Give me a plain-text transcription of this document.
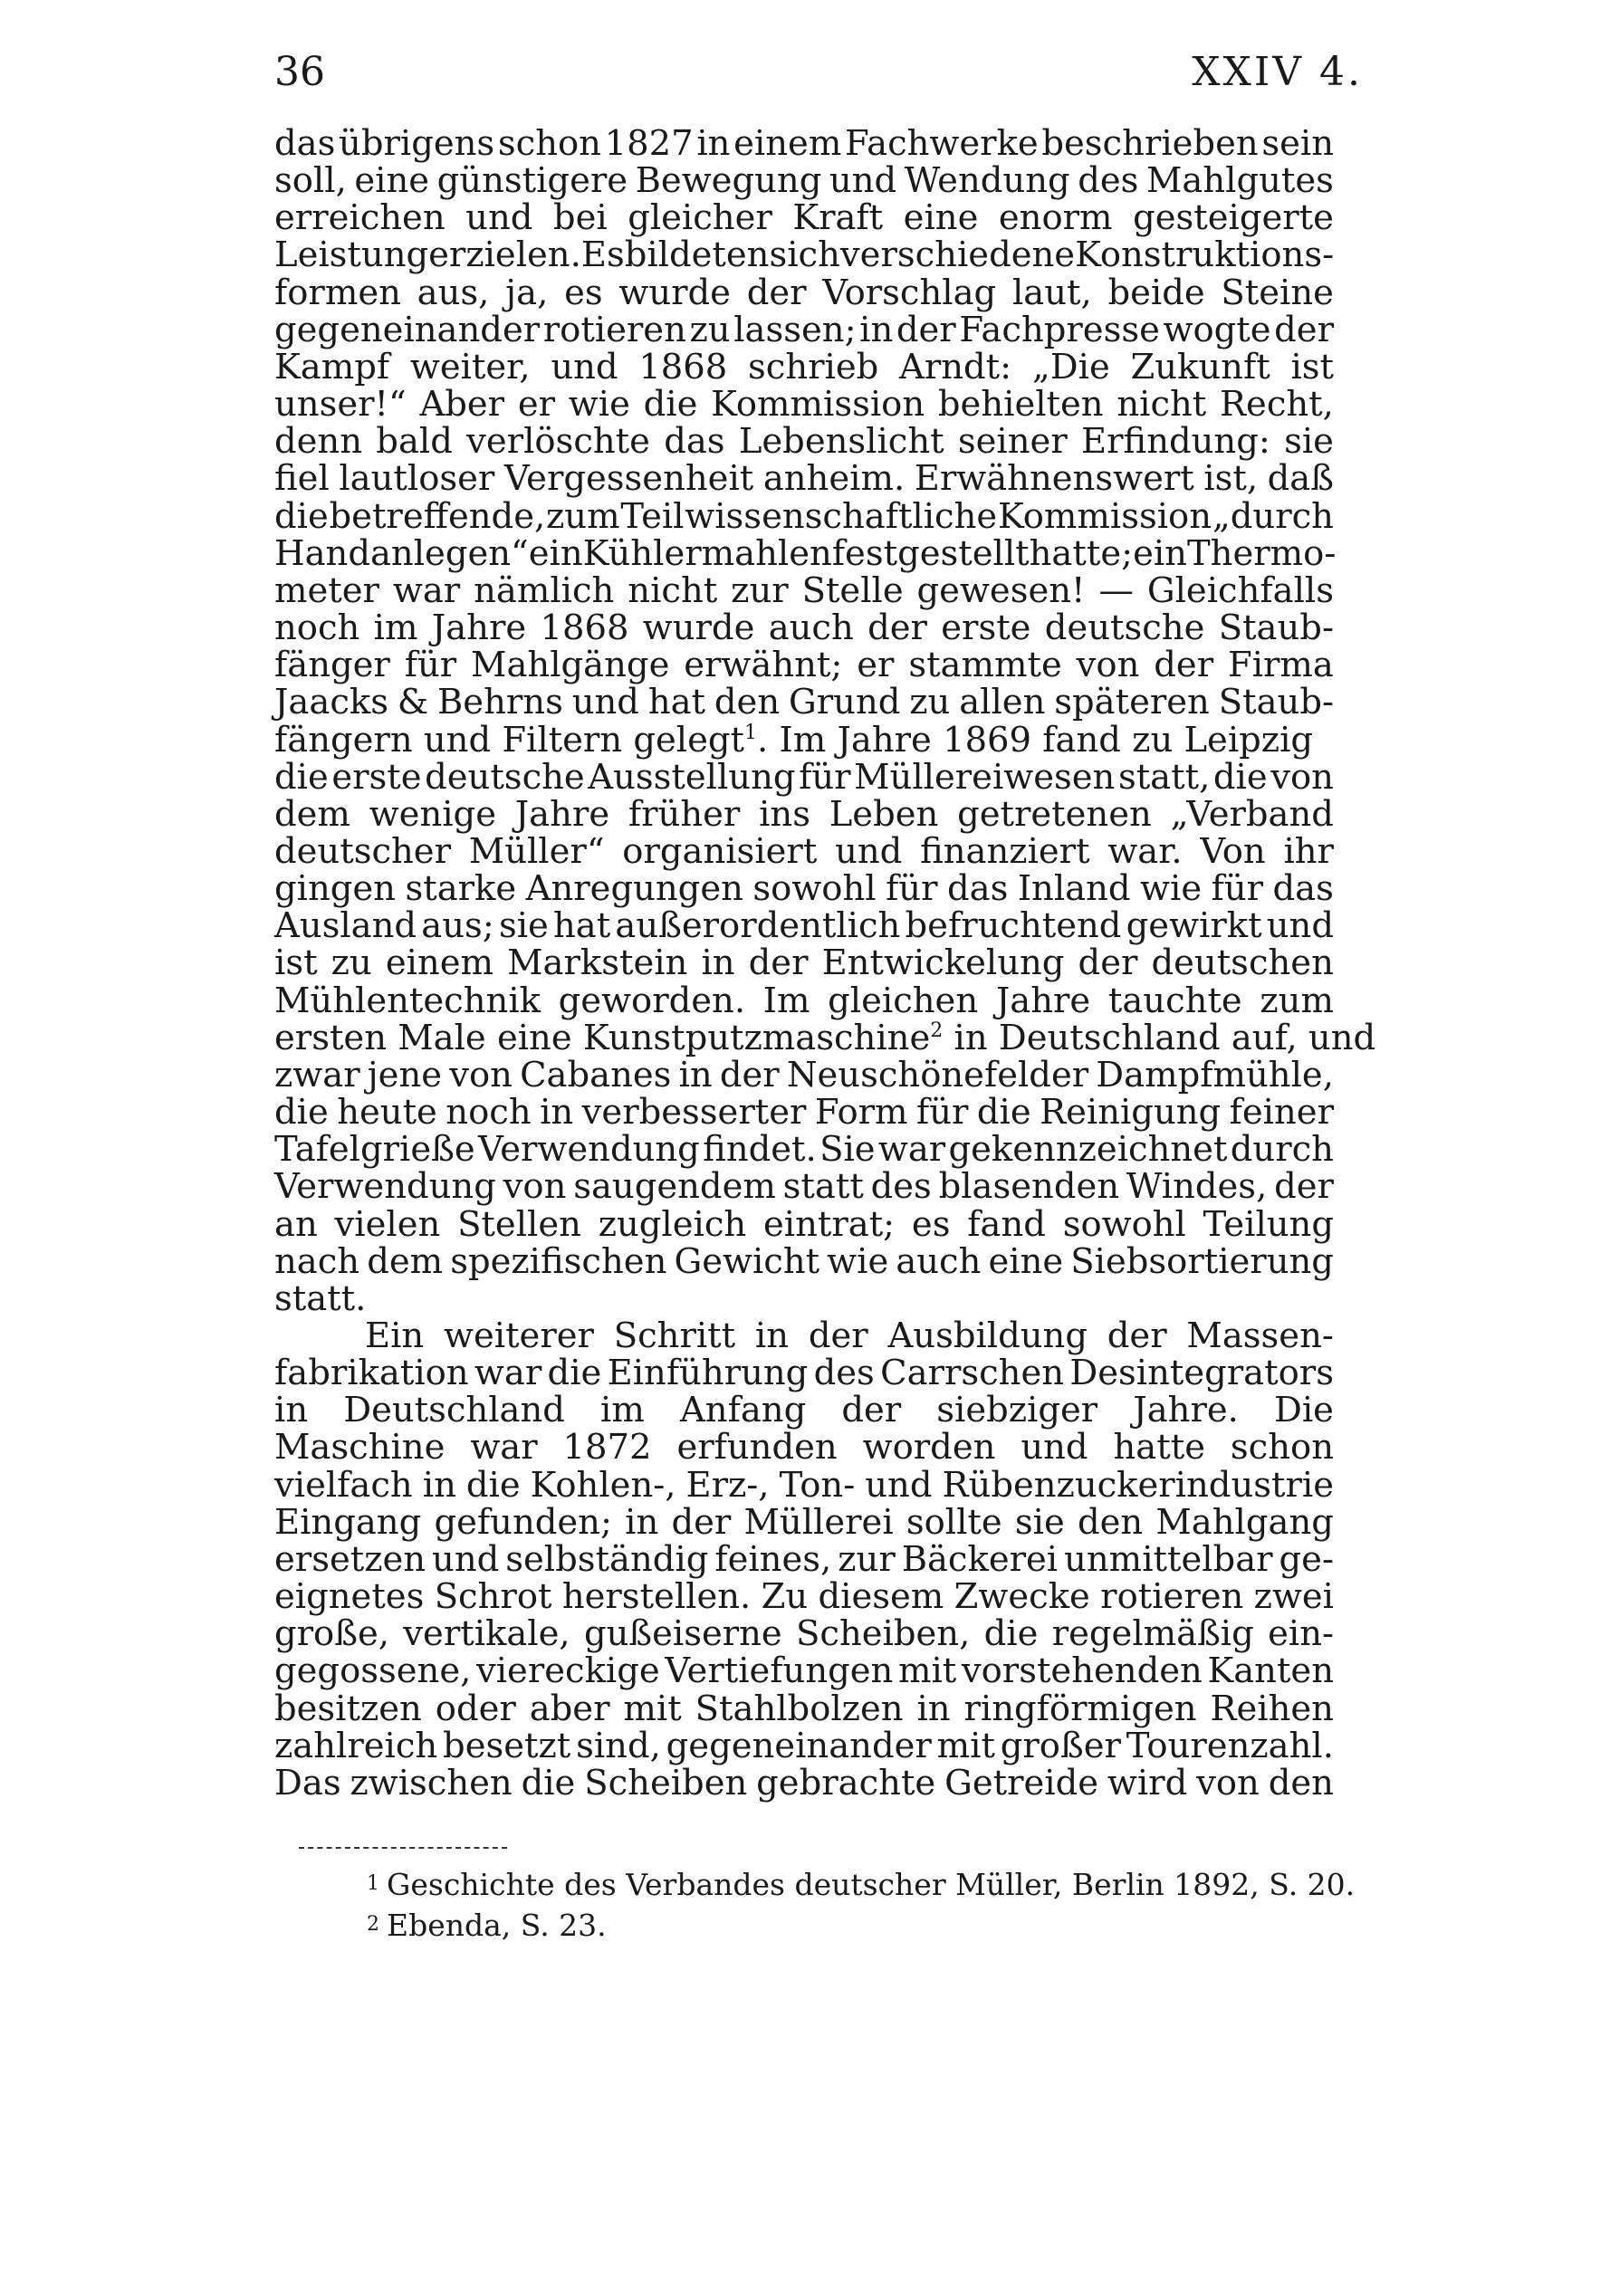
36	XXIV 4.
das übrigens schon 1827 in einem Fachwerke beschrieben sein
soll, eine günstigere Bewegung und Wendung des Mahlgutes
erreichen und bei gleicher Kraft eine enorm gesteigerte
Leistung erzielen. Es bildeten sich verschiedene Konstruktions-
formen aus, ja, es wurde der Vorschlag laut, beide Steine
gegeneinander rotieren zu lassen; in der Fachpresse wogte der
Kampf weiter, und 1868 schrieb Arndt: „Die Zukunft ist
unser!“ Aber er wie die Kommission behielten nicht Recht,
denn bald verlöschte das Lebenslicht seiner Erfindung: sie
fiel lautloser Vergessenheit anheim. Erwähnenswert ist, daß
die betreffende, zum Teil wissenschaftliche Kommission „durch
Handanlegen“ ein Kühlermahlen festgestellt hatte; ein Thermo-
meter war nämlich nicht zur Stelle gewesen! — Gleichfalls
noch im Jahre 1868 wurde auch der erste deutsche Staub-
fänger für Mahlgänge erwähnt; er stammte von der Firma
Jaacks & Behrns und hat den Grund zu allen späteren Staub-
fängern und Filtern gelegt$^1$. Im Jahre 1869 fand zu Leipzig
die erste deutsche Ausstellung für Müllereiwesen statt, die von
dem wenige Jahre früher ins Leben getretenen „Verband
deutscher Müller“ organisiert und finanziert war. Von ihr
gingen starke Anregungen sowohl für das Inland wie für das
Ausland aus; sie hat außerordentlich befruchtend gewirkt und
ist zu einem Markstein in der Entwickelung der deutschen
Mühlentechnik geworden. Im gleichen Jahre tauchte zum
ersten Male eine Kunstputzmaschine$^2$ in Deutschland auf, und
zwar jene von Cabanes in der Neuschönefelder Dampfmühle,
die heute noch in verbesserter Form für die Reinigung feiner
Tafelgrieße Verwendung findet. Sie war gekennzeichnet durch
Verwendung von saugendem statt des blasenden Windes, der
an vielen Stellen zugleich eintrat; es fand sowohl Teilung
nach dem spezifischen Gewicht wie auch eine Siebsortierung
statt.
Ein weiterer Schritt in der Ausbildung der Massen-
fabrikation war die Einführung des Carrschen Desintegrators
in Deutschland im Anfang der siebziger Jahre. Die
Maschine war 1872 erfunden worden und hatte schon
vielfach in die Kohlen-, Erz-, Ton- und Rübenzuckerindustrie
Eingang gefunden; in der Müllerei sollte sie den Mahlgang
ersetzen und selbständig feines, zur Bäckerei unmittelbar ge-
eignetes Schrot herstellen. Zu diesem Zwecke rotieren zwei
große, vertikale, gußeiserne Scheiben, die regelmäßig ein-
gegossene, viereckige Vertiefungen mit vorstehenden Kanten
besitzen oder aber mit Stahlbolzen in ringförmigen Reihen
zahlreich besetzt sind, gegeneinander mit großer Tourenzahl.
Das zwischen die Scheiben gebrachte Getreide wird von den
1 Geschichte des Verbandes deutscher Müller, Berlin 1892, S. 20.
2 Ebenda, S. 23.
